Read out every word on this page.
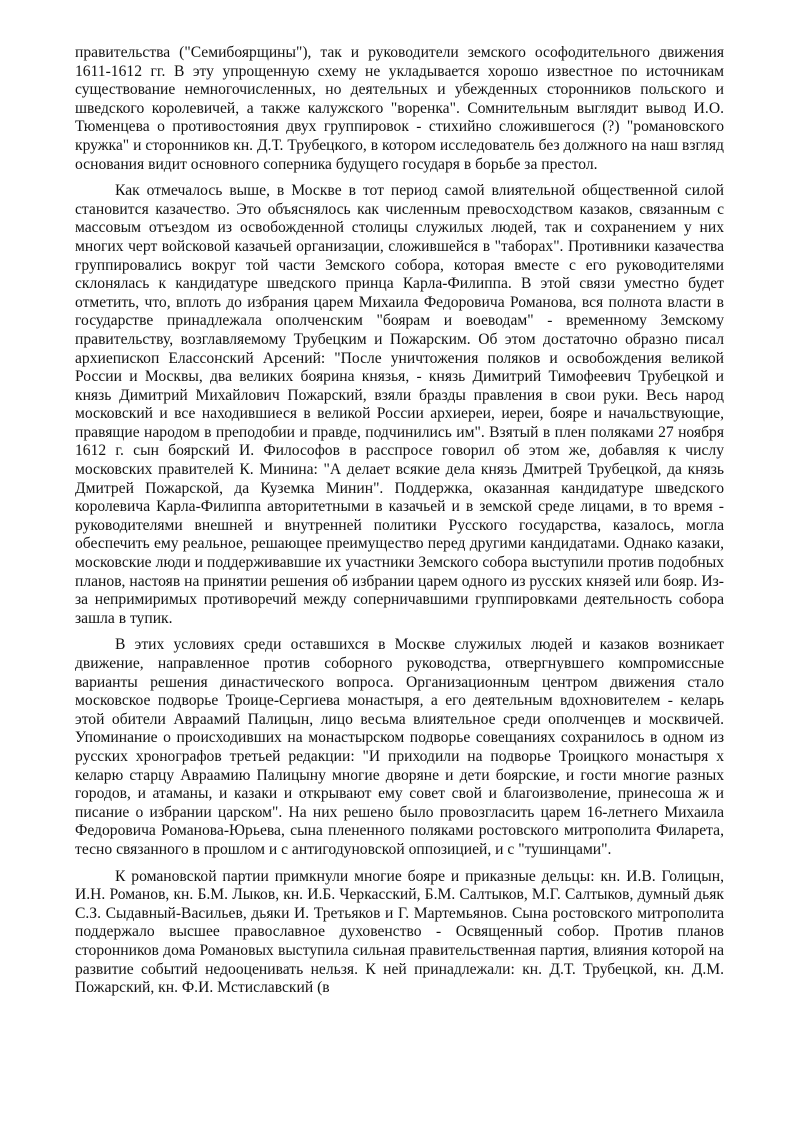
правительства ("Семибоярщины"), так и руководители земского ософодительного движения 1611-1612 гг. В эту упрощенную схему не укладывается хорошо известное по источникам существование немногочисленных, но деятельных и убежденных сторонников польского и шведского королевичей, а также калужского "воренка". Сомнительным выглядит вывод И.О. Тюменцева о противостояния двух группировок - стихийно сложившегося (?) "романовского кружка" и сторонников кн. Д.Т. Трубецкого, в котором исследователь без должного на наш взгляд основания видит основного соперника будущего государя в борьбе за престол.

Как отмечалось выше, в Москве в тот период самой влиятельной общественной силой становится казачество. Это объяснялось как численным превосходством казаков, связанным с массовым отъездом из освобожденной столицы служилых людей, так и сохранением у них многих черт войсковой казачьей организации, сложившейся в "таборах". Противники казачества группировались вокруг той части Земского собора, которая вместе с его руководителями склонялась к кандидатуре шведского принца Карла-Филиппа. В этой связи уместно будет отметить, что, вплоть до избрания царем Михаила Федоровича Романова, вся полнота власти в государстве принадлежала ополченским "боярам и воеводам" - временному Земскому правительству, возглавляемому Трубецким и Пожарским. Об этом достаточно образно писал архиепископ Елассонский Арсений: "После уничтожения поляков и освобождения великой России и Москвы, два великих боярина князья, - князь Димитрий Тимофеевич Трубецкой и князь Димитрий Михайлович Пожарский, взяли бразды правления в свои руки. Весь народ московский и все находившиеся в великой России архиереи, иереи, бояре и начальствующие, правящие народом в преподобии и правде, подчинились им". Взятый в плен поляками 27 ноября 1612 г. сын боярский И. Философов в расспросе говорил об этом же, добавляя к числу московских правителей К. Минина: "А делает всякие дела князь Дмитрей Трубецкой, да князь Дмитрей Пожарской, да Куземка Минин". Поддержка, оказанная кандидатуре шведского королевича Карла-Филиппа авторитетными в казачьей и в земской среде лицами, в то время - руководителями внешней и внутренней политики Русского государства, казалось, могла обеспечить ему реальное, решающее преимущество перед другими кандидатами. Однако казаки, московские люди и поддерживавшие их участники Земского собора выступили против подобных планов, настояв на принятии решения об избрании царем одного из русских князей или бояр. Из-за непримиримых противоречий между соперничавшими группировками деятельность собора зашла в тупик.

В этих условиях среди оставшихся в Москве служилых людей и казаков возникает движение, направленное против соборного руководства, отвергнувшего компромиссные варианты решения династического вопроса. Организационным центром движения стало московское подворье Троице-Сергиева монастыря, а его деятельным вдохновителем - келарь этой обители Авраамий Палицын, лицо весьма влиятельное среди ополченцев и москвичей. Упоминание о происходивших на монастырском подворье совещаниях сохранилось в одном из русских хронографов третьей редакции: "И приходили на подворье Троицкого монастыря х келарю старцу Авраамию Палицыну многие дворяне и дети боярские, и гости многие разных городов, и атаманы, и казаки и открывают ему совет свой и благоизволение, принесоша ж и писание о избрании царском". На них решено было провозгласить царем 16-летнего Михаила Федоровича Романова-Юрьева, сына плененного поляками ростовского митрополита Филарета, тесно связанного в прошлом и с антигодуновской оппозицией, и с "тушинцами".

К романовской партии примкнули многие бояре и приказные дельцы: кн. И.В. Голицын, И.Н. Романов, кн. Б.М. Лыков, кн. И.Б. Черкасский, Б.М. Салтыков, М.Г. Салтыков, думный дьяк С.З. Сыдавный-Васильев, дьяки И. Третьяков и Г. Мартемьянов. Сына ростовского митрополита поддержало высшее православное духовенство - Освященный собор. Против планов сторонников дома Романовых выступила сильная правительственная партия, влияния которой на развитие событий недооценивать нельзя. К ней принадлежали: кн. Д.Т. Трубецкой, кн. Д.М. Пожарский, кн. Ф.И. Мстиславский (в
